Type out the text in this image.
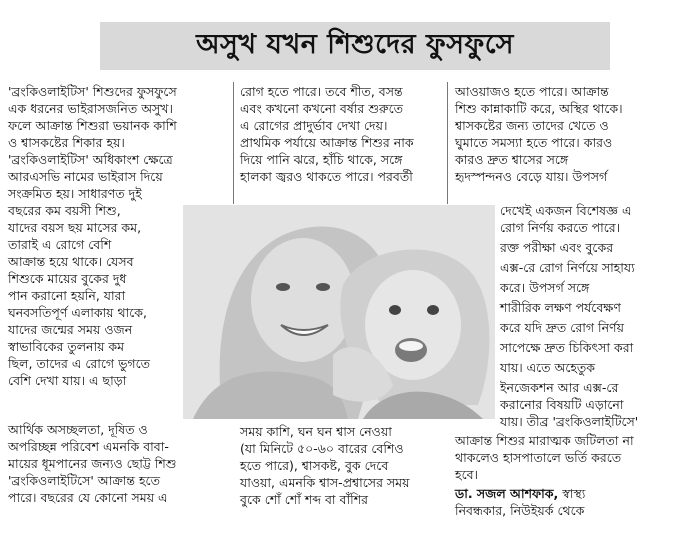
অসুখ যখন শিশুদের ফুসফুসে
'ব্রংকিওলাইটিস' শিশুদের ফুসফুসে
এক ধরনের ভাইরাসজনিত অসুখ।
ফলে আক্রান্ত শিশুরা ভয়ানক কাশি
ও শ্বাসকষ্টের শিকার হয়।
'ব্রংকিওলাইটিস' অধিকাংশ ক্ষেত্রে
আরএসভি নামের ভাইরাস দিয়ে
সংক্রমিত হয়। সাধারণত দুই
বছরের কম বয়সী শিশু,
যাদের বয়স ছয় মাসের কম,
তারাই এ রোগে বেশি
আক্রান্ত হয়ে থাকে। যেসব
শিশুকে মায়ের বুকের দুধ
পান করানো হয়নি, যারা
ঘনবসতিপূর্ণ এলাকায় থাকে,
যাদের জন্মের সময় ওজন
স্বাভাবিকের তুলনায় কম
ছিল, তাদের এ রোগে ভুগতে
বেশি দেখা যায়। এ ছাড়া
আর্থিক অসচ্ছলতা, দূষিত ও
অপরিচ্ছন্ন পরিবেশ এমনকি বাবা-
মায়ের ধূমপানের জন্যও ছোট্ট শিশু
'ব্রংকিওলাইটিসে' আক্রান্ত হতে
পারে। বছরের যে কোনো সময় এ
রোগ হতে পারে। তবে শীত, বসন্ত
এবং কখনো কখনো বর্ষার শুরুতে
এ রোগের প্রাদুর্ভাব দেখা দেয়।
প্রাথমিক পর্যায়ে আক্রান্ত শিশুর নাক
দিয়ে পানি ঝরে, হাঁচি থাকে, সঙ্গে
হালকা জ্বরও থাকতে পারে। পরবর্তী
সময় কাশি, ঘন ঘন শ্বাস নেওয়া
(যা মিনিটে ৫০-৬০ বারের বেশিও
হতে পারে), শ্বাসকষ্ট, বুক দেবে
যাওয়া, এমনকি শ্বাস-প্রশ্বাসের সময়
বুকে শোঁ শোঁ শব্দ বা বাঁশির
আওয়াজও হতে পারে। আক্রান্ত
শিশু কান্নাকাটি করে, অস্থির থাকে।
শ্বাসকষ্টের জন্য তাদের খেতে ও
ঘুমাতে সমস্যা হতে পারে। কারও
কারও দ্রুত শ্বাসের সঙ্গে
হৃদস্পন্দনও বেড়ে যায়। উপসর্গ
দেখেই একজন বিশেষজ্ঞ এ
রোগ নির্ণয় করতে পারে।
রক্ত পরীক্ষা এবং বুকের
এক্স-রে রোগ নির্ণয়ে সাহায্য
করে। উপসর্গ সঙ্গে
শারীরিক লক্ষণ পর্যবেক্ষণ
করে যদি দ্রুত রোগ নির্ণয়
সাপেক্ষে দ্রুত চিকিৎসা করা
যায়। এতে অহেতুক
ইনজেকশন আর এক্স-রে
করানোর বিষয়টি এড়ানো
যায়। তীব্র 'ব্রংকিওলাইটিসে'
আক্রান্ত শিশুর মারাত্মক জটিলতা না
থাকলেও হাসপাতালে ভর্তি করতে
হবে।
ডা. সজল আশফাক, স্বাস্থ্য
নিবন্ধকার, নিউইয়র্ক থেকে
